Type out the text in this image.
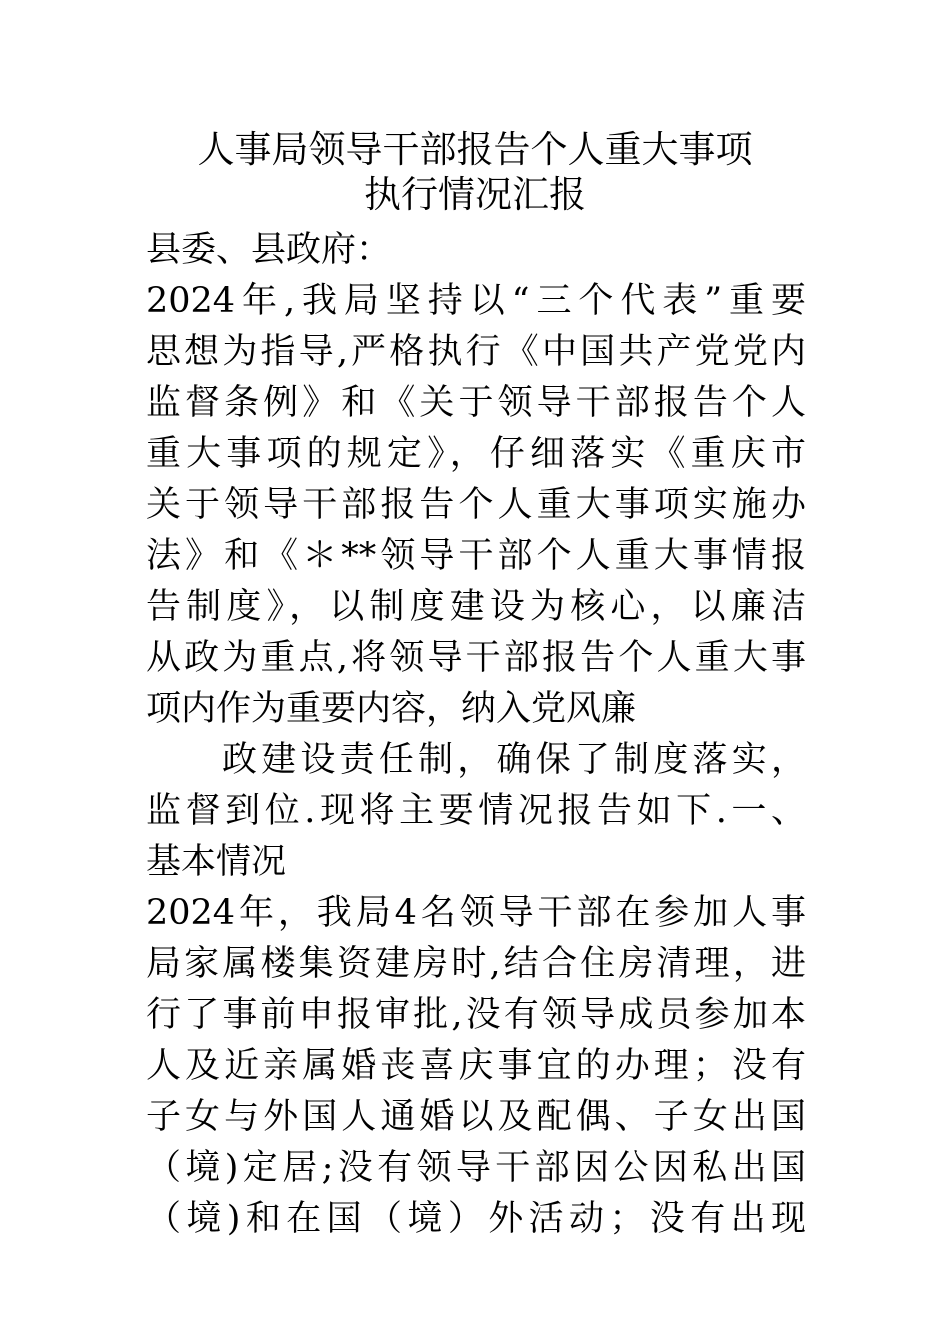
人事局领导干部报告个人重大事项
执行情况汇报
县委、县政府：
2024年,我局坚持以“三个代表”重要
思想为指导,严格执行《中国共产党党内
监督条例》和《关于领导干部报告个人
重大事项的规定》，仔细落实《重庆市
关于领导干部报告个人重大事项实施办
法》和《＊**领导干部个人重大事情报
告制度》，以制度建设为核心，以廉洁
从政为重点,将领导干部报告个人重大事
项内作为重要内容，纳入党风廉
政建设责任制，确保了制度落实，
监督到位.现将主要情况报告如下.一、
基本情况
2024年，我局4名领导干部在参加人事
局家属楼集资建房时,结合住房清理，进
行了事前申报审批,没有领导成员参加本
人及近亲属婚丧喜庆事宜的办理；没有
子女与外国人通婚以及配偶、子女出国
（境)定居;没有领导干部因公因私出国
（境)和在国（境）外活动；没有出现
